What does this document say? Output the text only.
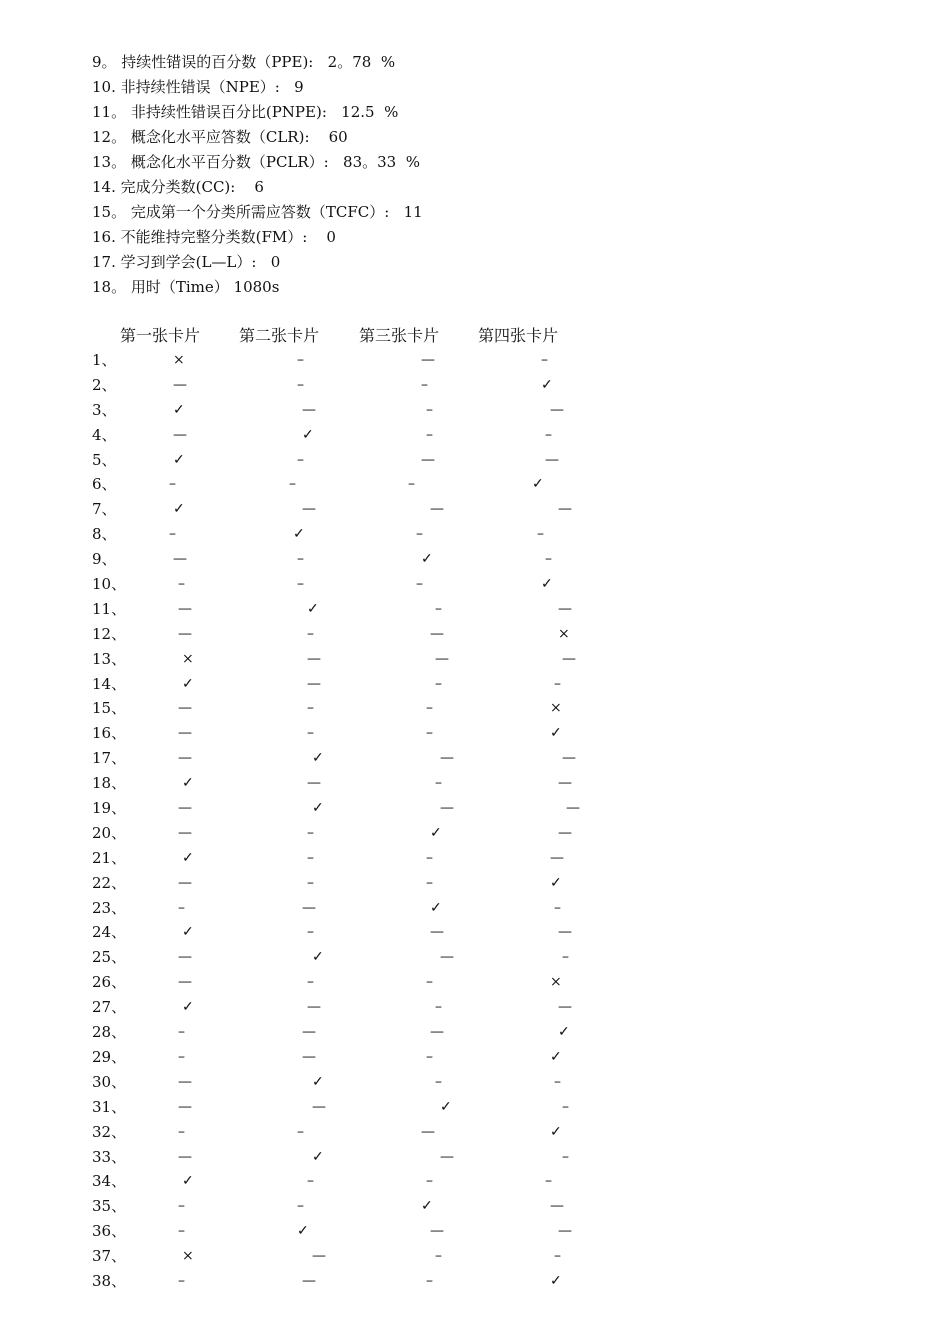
9。 持续性错误的百分数（PPE):   2。78  %
10. 非持续性错误（NPE）:   9
11。 非持续性错误百分比(PNPE):   12.5  %
12。 概念化水平应答数（CLR):    60
13。 概念化水平百分数（PCLR）:   83。33  %
14. 完成分类数(CC):    6
15。 完成第一个分类所需应答数（TCFC）:   11
16. 不能维持完整分类数(FM）:    0
17. 学习到学会(L—L）:   0
18。 用时（Time） 1080s
第一张卡片 第二张卡片 第三张卡片 第四张卡片
1、	×	–	—	–
2、	—	–	–	✓
3、	✓	—	–	—
4、	—	✓	–	–
5、	✓	–	—	—
6、	–	–	–	✓
7、	✓	—	—	—
8、	–	✓	–	–
9、	—	–	✓	–
10、	–	–	–	✓
11、	—	✓	–	—
12、	—	–	—	×
13、	×	—	—	—
14、	✓	—	–	–
15、	—	–	–	×
16、	—	–	–	✓
17、	—	✓	—	—
18、	✓	—	–	—
19、	—	✓	—	—
20、	—	–	✓	—
21、	✓	–	–	—
22、	—	–	–	✓
23、	–	—	✓	–
24、	✓	–	—	—
25、	—	✓	—	–
26、	—	–	–	×
27、	✓	—	–	—
28、	–	—	—	✓
29、	–	—	–	✓
30、	—	✓	–	–
31、	—	—	✓	–
32、	–	–	—	✓
33、	—	✓	—	–
34、	✓	–	–	–
35、	–	–	✓	—
36、	–	✓	—	—
37、	×	—	–	–
38、	–	—	–	✓
